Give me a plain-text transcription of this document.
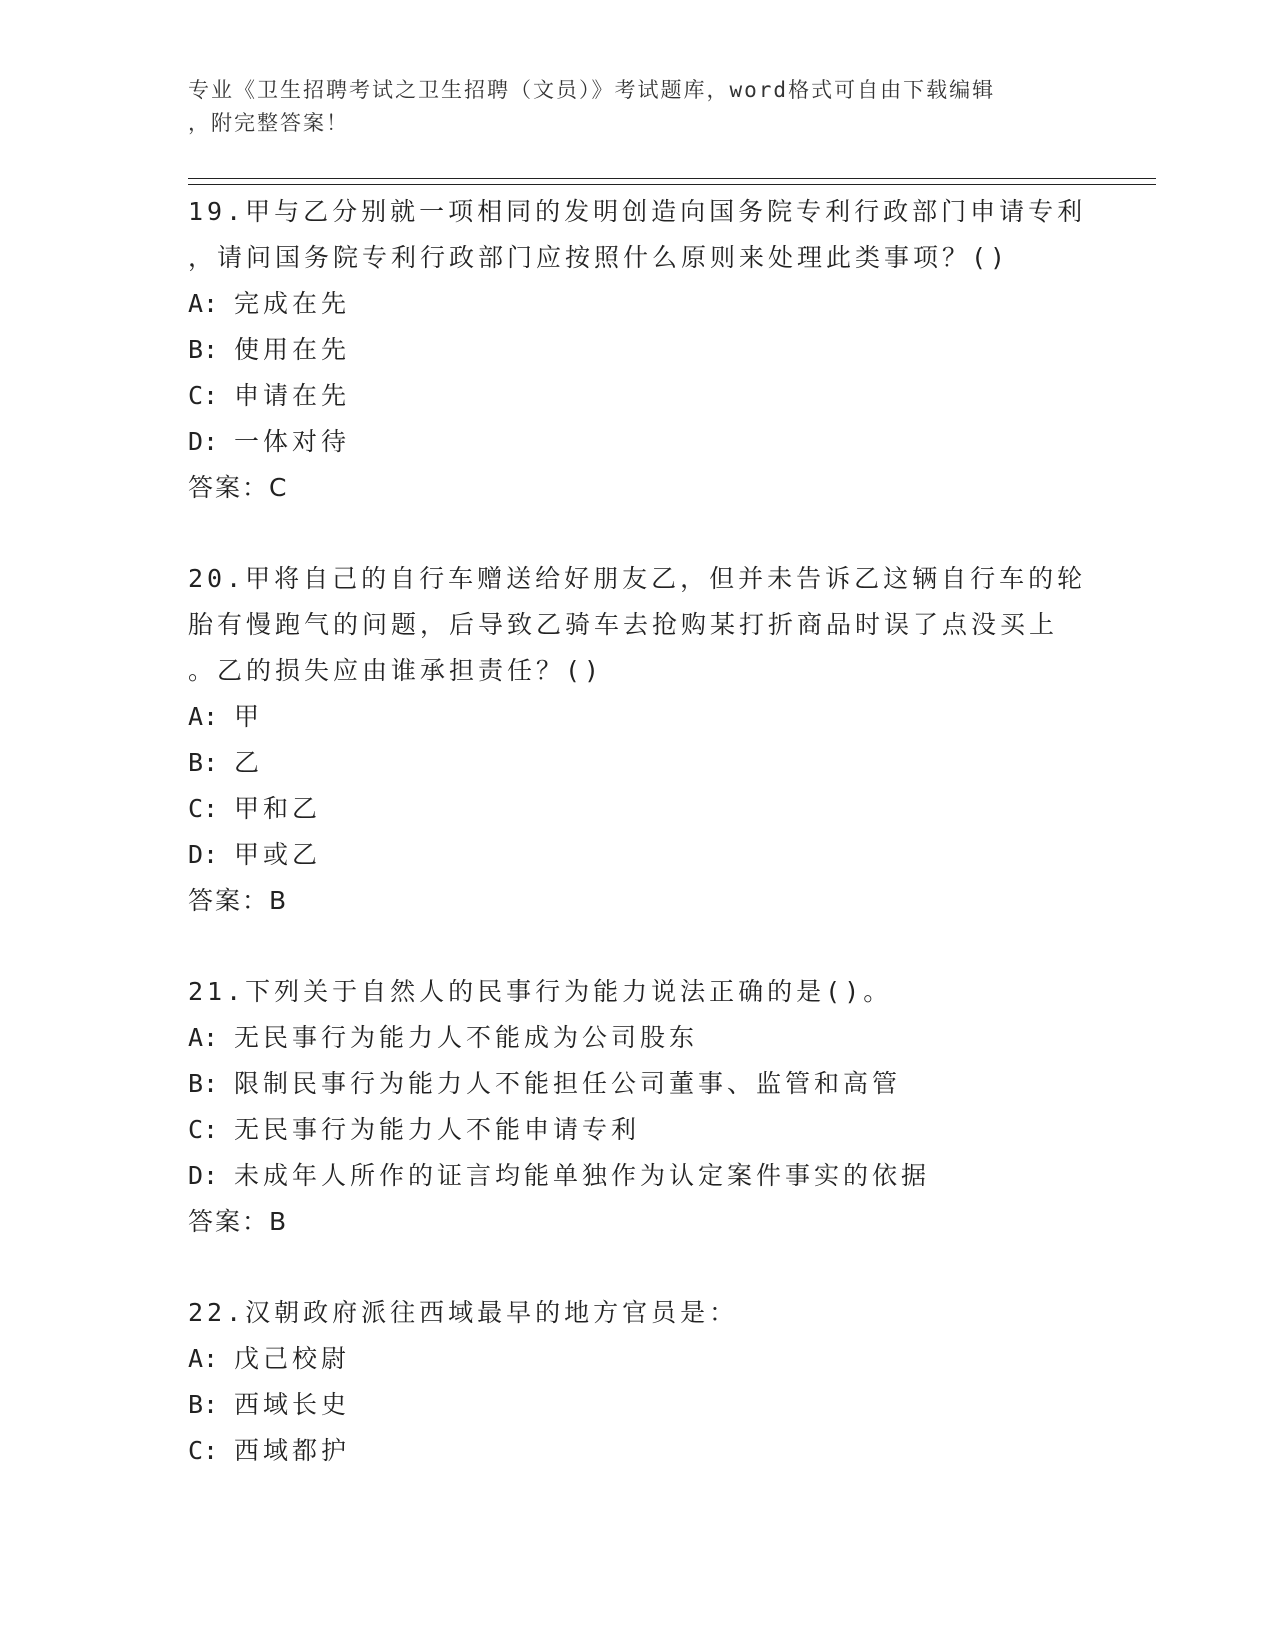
专业《卫生招聘考试之卫生招聘（文员）》考试题库，word格式可自由下载编辑
，附完整答案！
19.甲与乙分别就一项相同的发明创造向国务院专利行政部门申请专利
，请问国务院专利行政部门应按照什么原则来处理此类事项？()
A: 完成在先
B: 使用在先
C: 申请在先
D: 一体对待
答案：C
20.甲将自己的自行车赠送给好朋友乙，但并未告诉乙这辆自行车的轮
胎有慢跑气的问题，后导致乙骑车去抢购某打折商品时误了点没买上
。乙的损失应由谁承担责任？()
A: 甲
B: 乙
C: 甲和乙
D: 甲或乙
答案：B
21.下列关于自然人的民事行为能力说法正确的是()。
A: 无民事行为能力人不能成为公司股东
B: 限制民事行为能力人不能担任公司董事、监管和高管
C: 无民事行为能力人不能申请专利
D: 未成年人所作的证言均能单独作为认定案件事实的依据
答案：B
22.汉朝政府派往西域最早的地方官员是：
A: 戊己校尉
B: 西域长史
C: 西域都护
